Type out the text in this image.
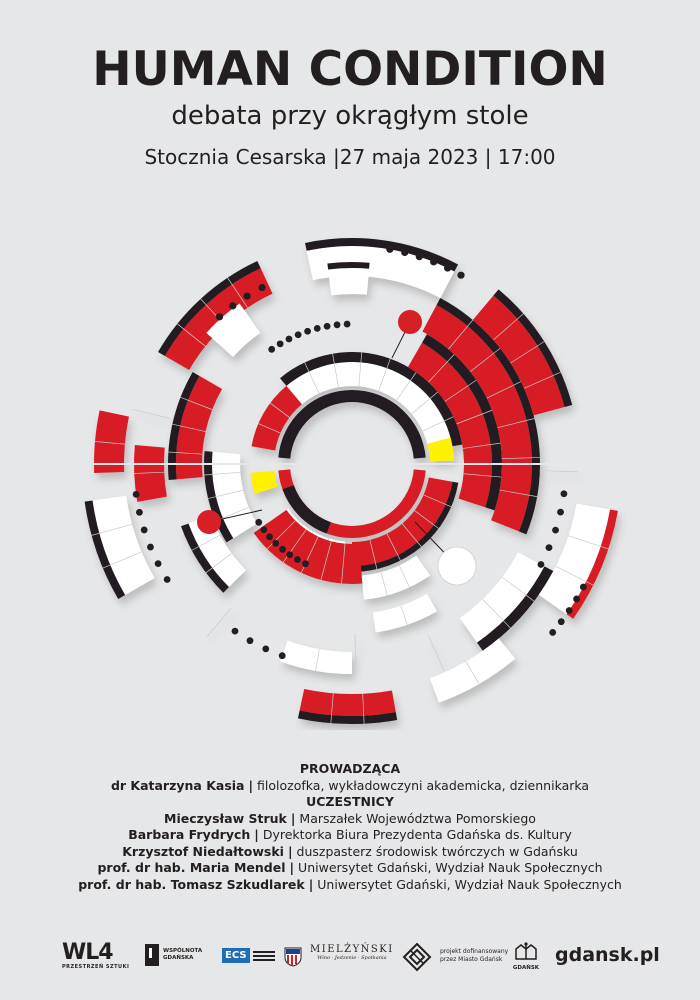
HUMAN CONDITION
debata przy okrągłym stole
Stocznia Cesarska |27 maja 2023 | 17:00
PROWADZĄCA
dr Katarzyna Kasia | filolozofka, wykładowczyni akademicka, dziennikarka
UCZESTNICY
Mieczysław Struk | Marszałek Województwa Pomorskiego
Barbara Frydrych | Dyrektorka Biura Prezydenta Gdańska ds. Kultury
Krzysztof Niedałtowski | duszpasterz środowisk twórczych w Gdańsku
prof. dr hab. Maria Mendel | Uniwersytet Gdański, Wydział Nauk Społecznych
prof. dr hab. Tomasz Szkudlarek | Uniwersytet Gdański, Wydział Nauk Społecznych
WL4
PRZESTRZEŃ SZTUKI
WSPÓLNOTA
GDAŃSKA	ECS
MIELŻYŃSKI
Wino · Jedzenie · Spotkania
projekt dofinansowany
przez Miasto Gdańsk
GDAŃSK
gdansk.pl
